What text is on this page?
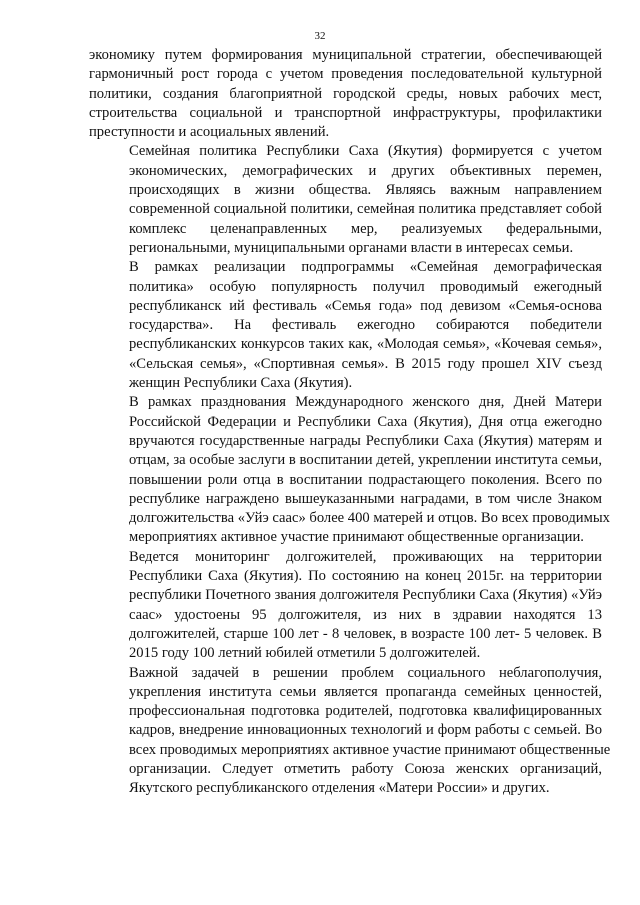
32

экономику путем формирования муниципальной стратегии, обеспечивающей
гармоничный рост города с учетом проведения последовательной культурной
политики, создания благоприятной городской среды, новых рабочих мест,
строительства социальной и транспортной инфраструктуры, профилактики
преступности и асоциальных явлений.

Семейная политика Республики Саха (Якутия) формируется с учетом
экономических, демографических и других объективных перемен,
происходящих в жизни общества. Являясь важным направлением
современной социальной политики, семейная политика представляет собой
комплекс целенаправленных мер, реализуемых федеральными,
региональными, муниципальными органами власти в интересах семьи.

В рамках реализации подпрограммы «Семейная демографическая
политика» особую популярность получил проводимый ежегодный
республиканск ий фестиваль «Семья года» под девизом «Семья-основа
государства». На фестиваль ежегодно собираются победители
республиканских конкурсов таких как, «Молодая семья», «Кочевая семья»,
«Сельская семья», «Спортивная семья». В 2015 году прошел XIV съезд
женщин Республики Саха (Якутия).

В рамках празднования Международного женского дня, Дней Матери
Российской Федерации и Республики Саха (Якутия), Дня отца ежегодно
вручаются государственные награды Республики Саха (Якутия) матерям и
отцам, за особые заслуги в воспитании детей, укреплении института семьи,
повышении роли отца в воспитании подрастающего поколения. Всего по
республике награждено вышеуказанными наградами, в том числе Знаком
долгожительства «Уйэ саас» более 400 матерей и отцов. Во всех проводимых
мероприятиях активное участие принимают общественные организации.

Ведется мониторинг долгожителей, проживающих на территории
Республики Саха (Якутия). По состоянию на конец 2015г. на территории
республики Почетного звания долгожителя Республики Саха (Якутия) «Уйэ
саас» удостоены 95 долгожителя, из них в здравии находятся 13
долгожителей, старше 100 лет - 8 человек, в возрасте 100 лет- 5 человек. В
2015 году 100 летний юбилей отметили 5 долгожителей.

Важной задачей в решении проблем социального неблагополучия,
укрепления института семьи является пропаганда семейных ценностей,
профессиональная подготовка родителей, подготовка квалифицированных
кадров, внедрение инновационных технологий и форм работы с семьей. Во
всех проводимых мероприятиях активное участие принимают общественные
организации. Следует отметить работу Союза женских организаций,
Якутского республиканского отделения «Матери России» и других.
